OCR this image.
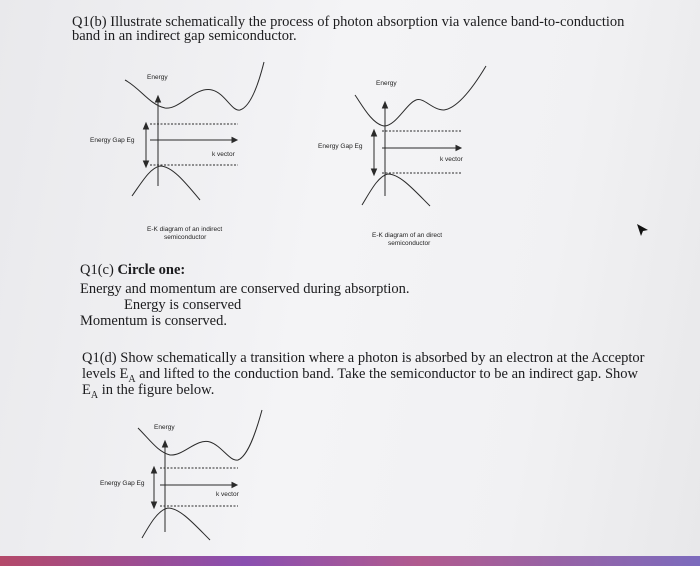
Q1(b) Illustrate schematically the process of photon absorption via valence band-to-conduction
band in an indirect gap semiconductor.
Energy
Energy Gap Eg
k vector
E-K diagram of an indirect
semiconductor
Energy
Energy Gap Eg
k vector
E-K diagram of an direct
semiconductor
Q1(c) Circle one:
Energy and momentum are conserved during absorption.
Energy is conserved
Momentum is conserved.
Q1(d) Show schematically a transition where a photon is absorbed by an electron at the Acceptor
levels $E_A$ and lifted to the conduction band. Take the semiconductor to be an indirect gap. Show
$E_A$ in the figure below.
Energy
Energy Gap Eg
k vector
